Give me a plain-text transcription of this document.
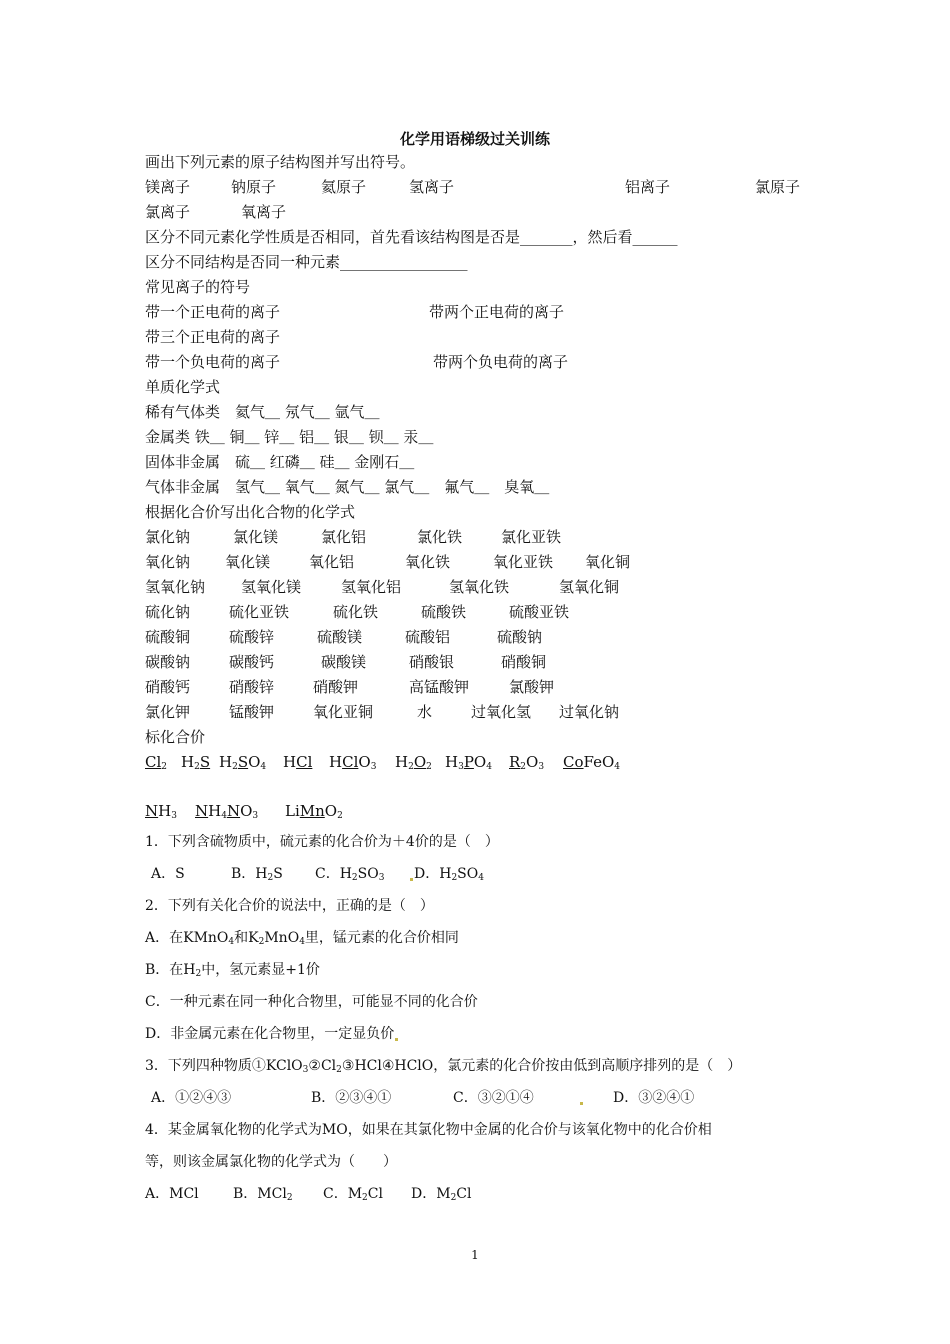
化学用语梯级过关训练
画出下列元素的原子结构图并写出符号。
镁离子	钠原子	氦原子	氢离子	铝离子	氯原子
氯离子	氧离子
区分不同元素化学性质是否相同，首先看该结构图是否是_______，然后看______
区分不同结构是否同一种元素_________________
常见离子的符号
带一个正电荷的离子	带两个正电荷的离子
带三个正电荷的离子
带一个负电荷的离子	带两个负电荷的离子
单质化学式
稀有气体类　氦气＿ 氖气＿ 氩气＿
金属类 铁＿ 铜＿ 锌＿ 铝＿ 银＿ 钡＿ 汞＿
固体非金属　硫＿ 红磷＿ 硅＿ 金刚石＿
气体非金属　氢气＿ 氧气＿ 氮气＿ 氯气＿　氟气＿　臭氧＿
根据化合价写出化合物的化学式
氯化钠	氯化镁	氯化铝	氯化铁	氯化亚铁
氧化钠 氧化镁	氧化铝	氧化铁	氧化亚铁 氧化铜
氢氧化钠 氢氧化镁	氢氧化铝	氢氧化铁	氢氧化铜
硫化钠	硫化亚铁	硫化铁	硫酸铁	硫酸亚铁
硫酸铜	硫酸锌	硫酸镁	硫酸铝	硫酸钠
碳酸钠	碳酸钙	碳酸镁	硝酸银	硝酸铜
硝酸钙	硝酸锌	硝酸钾	高锰酸钾	氯酸钾
氯化钾	锰酸钾	氧化亚铜	水	过氧化氢 过氧化钠
标化合价
$Cl_2$ $H_2S$ $H_2SO_4$ HCl HClO$_3$ $H_2O_2$ $H_3PO_4$ $R_2O_3$ CoFeO$_4$
$NH_3$ $NH_4NO_3$ LiMnO$_2$
1．下列含硫物质中，硫元素的化合价为＋4价的是（　）
A．S	B．$H_2S$ C．$H_2SO_3$	D．$H_2SO_4$
2．下列有关化合价的说法中，正确的是（　）
A．在KMnO$_4$和$K_2MnO_4$里，锰元素的化合价相同
B．在$H_2$中，氢元素显+1价
C．一种元素在同一种化合物里，可能显不同的化合价
D．非金属元素在化合物里，一定显负价
3．下列四种物质$①KClO_3②Cl_2③HCl④HClO$，氯元素的化合价按由低到高顺序排列的是（　）
A．①②④③	B．②③④①	C．③②①④	D．③②④①
4．某金属氧化物的化学式为MO，如果在其氯化物中金属的化合价与该氧化物中的化合价相
等，则该金属氯化物的化学式为（　　）
A．MCl B．MCl$_2$ C．$M_2Cl$ D．$M_2Cl$
1
